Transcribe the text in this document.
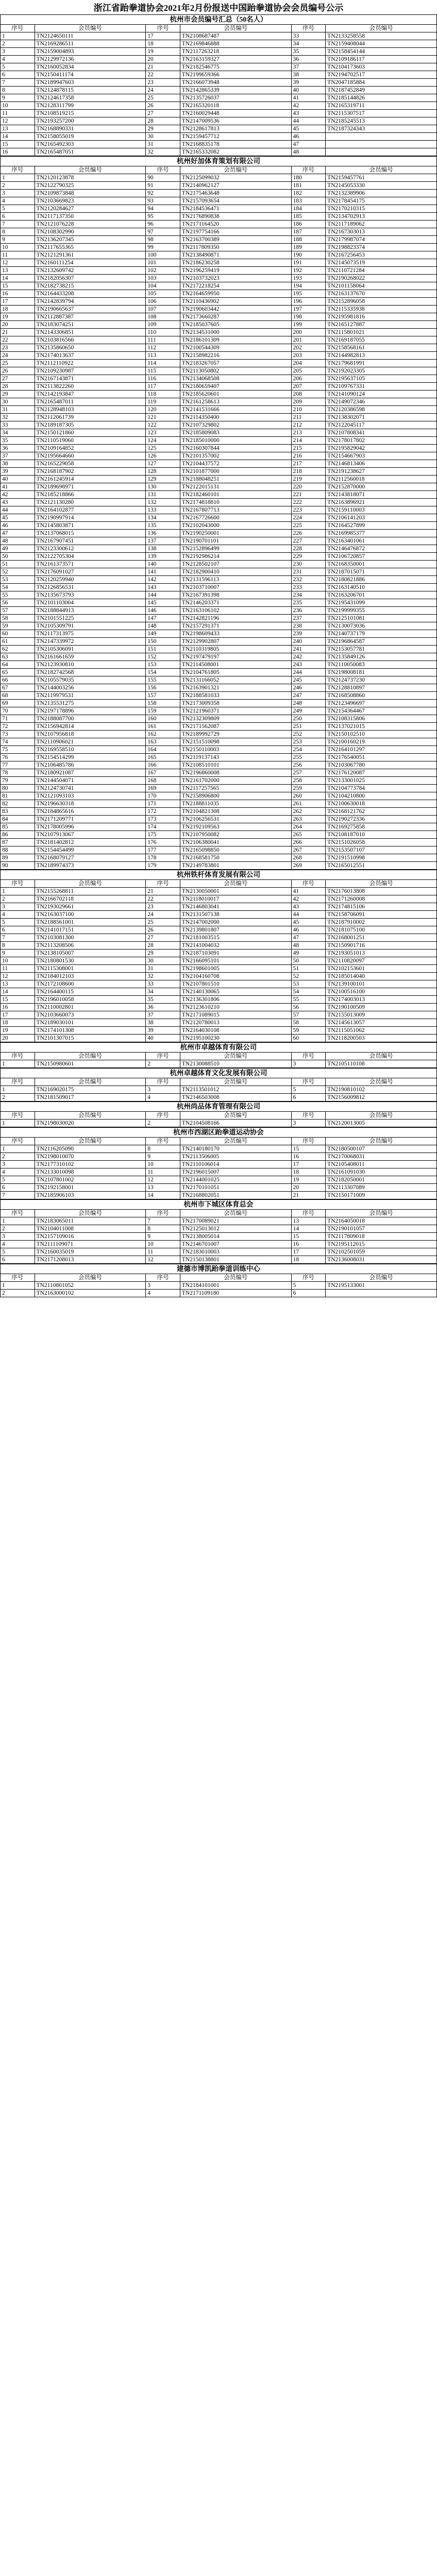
浙江省跆拳道协会2021年2月份报送中国跆拳道协会会员编号公示
杭州市会员编号汇总（50名人）					
序号	会员编号	序号	会员编号	序号	会员编号
1	TN2124650111	17	TN2108687487	33	TN2133258558
2	TN2169286511	18	TN2169846888	34	TN2159408044
3	TN2159004893	19	TN2117263218	35	TN2158454144
4	TN2129972136	20	TN2163159327	36	TN2109186117
5	TN2160052834	21	TN2182546775	37	TN2104173603
6	TN2150411174	22	TN2199659366	38	TN2194702517
7	TN2189947603	23	TN2166073948	39	TN2047185884
8	TN2124878115	24	TN2142865339	40	TN2187452849
9	TN2124617358	25	TN2135726037	41	TN2185144826
10	TN2128311799	26	TN2165320118	42	TN2165319711
11	TN2108519215	27	TN2160029448	43	TN2115307517
12	TN2193257200	28	TN2147009536	44	TN2185245513
13	TN2168890331	29	TN2128617813	45	TN2187324343
14	TN2158055019	30	TN2159457712	46	
15	TN2165492303	31	TN2168835178	47	
16	TN2165487051	32	TN2165332082	48	
杭州好加体育策划有限公司					
序号	会员编号	序号	会员编号	序号	会员编号
1	TN2120123878	90	TN2125099032	180	TN2159457761
2	TN2122790325	91	TN2140962127	181	TN2145053330
3	TN2109873848	92	TN2175463648	182	TN2132389906
4	TN2103669823	93	TN2157093654	183	TN2178454175
5	TN2120284627	94	TN2184536471	184	TN2170210315
6	TN2117137350	95	TN2176890838	185	TN2134702913
7	TN2121076228	96	TN2171164520	186	TN2117189062
8	TN2108302990	97	TN2197754166	187	TN2167303013
9	TN2136207345	98	TN2163700389	188	TN2179987074
10	TN2117655365	99	TN2117809350	189	TN2198823374
11	TN2121291361	100	TN2138490871	190	TN2167256453
12	TN2160111254	101	TN2186230258	191	TN2145073519
13	TN2132609742	102	TN2196259419	192	TN2110721284
14	TN2182056307	103	TN2103732023	193	TN2190268022
15	TN2182738215	104	TN2172218254	194	TN2101158064
16	TN2164433208	105	TN2164659950	195	TN2163137670
17	TN2142839794	106	TN2110436902	196	TN2152896058
18	TN2190665637	107	TN2190603442	197	TN2115335938
19	TN2112887387	108	TN2173660287	198	TN2195981816
20	TN2183074251	109	TN2185037605	199	TN2165127887
21	TN2143306851	110	TN2134531000	200	TN2115801021
22	TN2103816566	111	TN2186101309	201	TN2169187055
23	TN2135860650	112	TN2100544309	202	TN2158568161
24	TN2174013637	113	TN2158982216	203	TN2144982813
25	TN2112110922	114	TN2183267057	204	TN2179681991
26	TN2109230987	115	TN2113050802	205	TN2192023305
27	TN2167143871	116	TN2134068508	206	TN2195637105
28	TN2113822260	117	TN2180659407	207	TN2109767331
29	TN2142193847	118	TN2185620601	208	TN2141090124
30	TN2165487011	119	TN2161258613	209	TN2149072346
31	TN2128948103	120	TN2141531666	210	TN2120386598
32	TN2112061739	121	TN2114350400	211	TN2138302071
33	TN2189187305	122	TN2107329802	212	TN2122045117
34	TN2150121860	123	TN2185809083	213	TN2107808341
35	TN2110519060	124	TN2185010000	214	TN2178017802
36	TN2109164852	125	TN2160307844	215	TN2195829042
37	TN2195664660	126	TN2101357002	216	TN2154667903
38	TN2165229058	127	TN2104437572	217	TN2146813406
39	TN2168187902	128	TN2101877000	218	TN2191238627
40	TN2161245914	129	TN2188048251	219	TN2112560018
41	TN2189698971	130	TN2122015131	220	TN2152870000
42	TN2185218866	131	TN2182460101	221	TN2143818071
43	TN2121130280	132	TN2174818810	222	TN2163896921
44	TN2164102877	133	TN2167807713	223	TN2159110003
45	TN2190997914	134	TN2167726600	224	TN2106141203
46	TN2145803871	135	TN2102043000	225	TN2164527899
47	TN2137068015	136	TN2190250001	226	TN2169985377
48	TN2167907451	137	TN2190701101	227	TN2163401061
49	TN2123300612	138	TN2152896499	228	TN2146476872
50	TN2122705304	139	TN2192986214	229	TN2106720857
51	TN2161373571	140	TN2128502107	230	TN2168350001
52	TN2176091027	141	TN2182900410	231	TN2187015071
53	TN2120259940	142	TN2131596113	232	TN2180821886
54	TN2126856531	143	TN2103710007	233	TN2163140510
55	TN2135673793	144	TN2167391398	234	TN2163206701
56	TN2101103004	145	TN2146203371	235	TN2195431099
57	TN2188844913	146	TN2163106102	236	TN2199999355
58	TN2101551225	147	TN2142821196	237	TN2125101081
59	TN2105309791	148	TN2157291371	238	TN2130073036
60	TN2117313975	149	TN2198609433	239	TN2140737179
61	TN2147339972	150	TN2129902807	240	TN2196864587
62	TN2105306091	151	TN2110319805	241	TN2153057781
63	TN2161661659	152	TN2197479197	242	TN2135849126
64	TN2123930810	153	TN2114508001	243	TN2110050083
65	TN2182742568	154	TN2104761805	244	TN2198008181
66	TN2105579035	155	TN2131166052	245	TN2124737230
67	TN2144003256	156	TN2163901321	246	TN2128810897
68	TN2119979531	157	TN2188581033	247	TN2168508860
69	TN2135531275	158	TN2173009358	248	TN2123496697
70	TN2197178896	159	TN2121960371	249	TN2154364467
71	TN2188087700	160	TN2132309809	250	TN2108315806
72	TN2156942814	161	TN2171562087	251	TN2137021015
73	TN2107956818	162	TN2189992729	252	TN2150102510
74	TN2110906021	163	TN2151510098	253	TN2100160219
75	TN2169558510	164	TN2150110003	254	TN2164101297
76	TN2154514299	165	TN2119137143	255	TN2176540051
77	TN2106485786	166	TN2108510101	256	TN2103067780
78	TN2180921087	167	TN2196860008	257	TN2176120087
79	TN2144504071	168	TN2161702000	258	TN2133001025
80	TN2124730741	169	TN2117257565	259	TN2104773784
81	TN2121093103	170	TN2158906800	260	TN2104210800
82	TN2196630318	171	TN2188811035	261	TN2100630018
83	TN2184865616	172	TN2104821308	262	TN2168121762
84	TN2171209771	173	TN2106256531	263	TN2190272336
85	TN2178005996	174	TN2192109563	264	TN2169275858
86	TN2107913067	175	TN2107950082	265	TN2108187010
87	TN2181402812	176	TN2106380041	266	TN2151026058
88	TN2154454499	177	TN2165098850	267	TN2153507107
89	TN2168079127	178	TN2168581750	268	TN2191510998
90	TN2189974373	179	TN2149783801	269	TN2165012551
杭州铁杆体育发展有限公司					
序号	会员编号	序号	会员编号	序号	会员编号
1	TN2155268811	21	TN2130050001	41	TN2176013808
2	TN2166702118	22	TN2118010017	42	TN2171260008
3	TN2193029661	23	TN2146803041	43	TN2174815106
4	TN2163037100	24	TN2131507138	44	TN2158706091
5	TN2188561001	25	TN2147002000	45	TN2187910002
6	TN2141017151	26	TN2139801807	46	TN2181075100
7	TN2103081300	27	TN2181003515	47	TN2168001251
8	TN2113208506	28	TN2141004032	48	TN2150901716
9	TN2138105007	29	TN2187103091	49	TN2193051013
10	TN2180801530	30	TN2166095101	50	TN2110820097
11	TN2115308001	31	TN2198601005	51	TN2102153601
12	TN2184012103	32	TN2104160708	52	TN2185014040
13	TN2172108600	33	TN2107801510	53	TN2139100101
14	TN2164400115	34	TN2140130065	54	TN2100516100
15	TN2196010058	35	TN2136301806	55	TN2174003013
16	TN2110002801	36	TN2123610210	56	TN2190100509
17	TN2103660073	37	TN2171089015	57	TN2155013009
18	TN2189030101	38	TN2120780013	58	TN2145613057
19	TN2174101308	39	TN2164030108	59	TN2115051062
20	TN2101307015	40	TN2195100230	60	TN2118200503
杭州市卓越体育有限公司					
序号	会员编号	序号	会员编号	序号	会员编号
1	TN2150980601	2	TN2130088510	3	TN2105110108
杭州卓越体育文化发展有限公司					
序号	会员编号	序号	会员编号	序号	会员编号
1	TN2169020175	3	TN2113501012	5	TN2190810102
2	TN2181509017	4	TN2146503008	6	TN2156009812
杭州尚品体育管理有限公司					
序号	会员编号	序号	会员编号	序号	会员编号
1	TN2198030020	2	TN2104508166	3	TN2120013005
杭州市西湖区跆拳道运动协会					
序号	会员编号	序号	会员编号	序号	会员编号
1	TN2116205090	8	TN2140180170	15	TN2180500107
2	TN2198010070	9	TN2113506005	16	TN2170068031
3	TN2177310102	10	TN2110106014	17	TN2105408011
4	TN2133010098	11	TN2196015007	18	TN2161091030
5	TN2107801002	12	TN2144001025	19	TN2182050001
6	TN2192158001	13	TN2170101051	20	TN2113307089
7	TN2185906103	14	TN2168802051	21	TN2150171009
杭州市下城区体育总会					
序号	会员编号	序号	会员编号	序号	会员编号
1	TN2183065011	7	TN2170089021	13	TN2164050018
2	TN2104011008	8	TN2125013012	14	TN2190101057
3	TN2157109016	9	TN2138005014	15	TN2117809018
4	TN2111109071	10	TN2146701007	16	TN2195112015
5	TN2160035019	11	TN2183010003	17	TN2102501059
6	TN2171208013	12	TN2150138801	18	TN2136008031
建德市博凯跆拳道训练中心					
序号	会员编号	序号	会员编号	序号	会员编号
1	TN2110801052	3	TN2184101001	5	TN2195133001
2	TN2163000102	4	TN2171109180	6	
